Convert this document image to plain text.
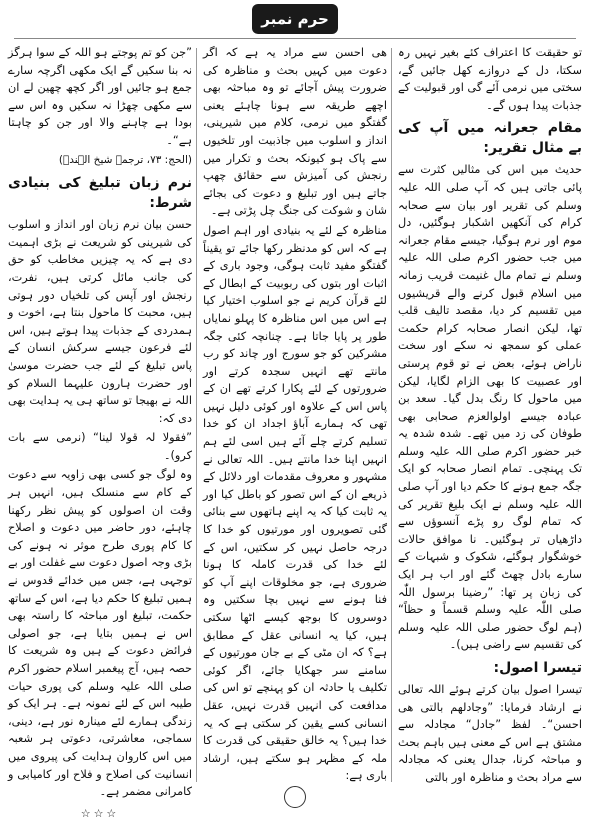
حرم نمبر

تو حقیقت کا اعتراف کئے بغیر نہیں رہ سکتا، دل کے دروازے کھل جائیں گے، سختی میں نرمی آئے گی اور قبولیت کے جذبات پیدا ہوں گے۔

مقام جعرانہ میں آپ کی بے مثال تقریر:

حدیث میں اس کی مثالیں کثرت سے پائی جاتی ہیں کہ آپ صلی اللہ علیہ وسلم کی تقریر اور بیان سے صحابہ کرام کی آنکھیں اشکبار ہوگئیں، دل موم اور نرم ہوگیا، جیسے مقام جعرانہ میں جب حضور اکرم صلی اللہ علیہ وسلم نے تمام مال غنیمت قریب زمانہ میں اسلام قبول کرنے والے قریشیوں میں تقسیم کر دیا، مقصد تالیف قلب تھا، لیکن انصار صحابہ کرام حکمت عملی کو سمجھ نہ سکے اور سخت ناراض ہوئے، بعض نے تو قوم پرستی اور عصبیت کا بھی الزام لگایا، لیکن میں ماحول کا رنگ بدل گیا۔ سعد بن عبادہ جیسے اولوالعزم صحابی بھی طوفان کی زد میں تھے۔ شدہ شدہ یہ خبر حضور اکرم صلی اللہ علیہ وسلم تک پہنچی۔ تمام انصار صحابہ کو ایک جگہ جمع ہونے کا حکم دیا اور آپ صلی اللہ علیہ وسلم نے ایک بلیغ تقریر کی کہ تمام لوگ رو پڑے آنسوؤں سے داڑھیاں تر ہوگئیں۔ نا موافق حالات خوشگوار ہوگئے، شکوک و شبہات کے سارے بادل چھٹ گئے اور اب ہر ایک کی زبان پر تھا: ”رضینا برسول اللّٰہ صلی اللّٰہ علیہ وسلم قسماً و حظاً“ (ہم لوگ حضور صلی اللہ علیہ وسلم کی تقسیم سے راضی ہیں)۔

تیسرا اصول:

تیسرا اصول بیان کرتے ہوئے اللہ تعالی نے ارشاد فرمایا: ”وجادلھم بالتی ھی احسن“۔ لفظ ”جادل“ مجادلہ سے مشتق ہے اس کے معنی ہیں باہم بحث و مباحثہ کرنا، جدال یعنی کہ مجادلہ سے مراد بحث و مناظرہ اور بالتی

ھی احسن سے مراد یہ ہے کہ اگر دعوت میں کہیں بحث و مناظرہ کی ضرورت پیش آجائے تو وہ مباحثہ بھی اچھے طریقہ سے ہونا چاہئے یعنی گفتگو میں نرمی، کلام میں شیرینی، انداز و اسلوب میں جاذبیت اور تلخیوں سے پاک ہو کیونکہ بحث و تکرار میں رنجش کی آمیزش سے حقائق چھپ جاتے ہیں اور تبلیغ و دعوت کی بجائے شان و شوکت کی جنگ چل پڑتی ہے۔

مناظرہ کے لئے یہ بنیادی اور اہم اصول ہے کہ اس کو مدنظر رکھا جائے تو یقیناً گفتگو مفید ثابت ہوگی، وجود باری کے اثبات اور بتوں کی ربوبیت کے ابطال کے لئے قرآن کریم نے جو اسلوب اختیار کیا ہے اس میں اس مناظرہ کا پہلو نمایاں طور پر پایا جاتا ہے۔ چنانچہ کئی جگہ مشرکین کو جو سورج اور چاند کو رب مانتے تھے انہیں سجدہ کرتے اور ضرورتوں کے لئے پکارا کرتے تھے ان کے پاس اس کے علاوہ اور کوئی دلیل نہیں تھی کہ ہمارے آباؤ اجداد ان کو خدا تسلیم کرتے چلے آئے ہیں اسی لئے ہم انہیں اپنا خدا مانتے ہیں۔ اللہ تعالی نے مشہور و معروف مقدمات اور دلائل کے ذریعے ان کے اس تصور کو باطل کیا اور یہ ثابت کیا کہ یہ اپنے ہاتھوں سے بنائی گئی تصویروں اور مورتیوں کو خدا کا درجہ حاصل نہیں کر سکتیں، اس کے لئے خدا کی قدرت کاملہ کا ہونا ضروری ہے، جو مخلوقات اپنے آپ کو فنا ہونے سے نہیں بچا سکتیں وہ دوسروں کا بوجھ کیسے اٹھا سکتی ہیں، کیا یہ انسانی عقل کے مطابق ہے؟ کہ ان مٹی کے بے جان مورتیوں کے سامنے سر جھکایا جائے، اگر کوئی تکلیف یا حادثہ ان کو پہنچے تو اس کی مدافعت کی انہیں قدرت نہیں، عقل انسانی کسے یقین کر سکتی ہے کہ یہ خدا ہیں؟ یہ خالق حقیقی کی قدرت کا ملہ کے مظہر ہو سکتے ہیں، ارشاد باری ہے:

”جن کو تم پوجتے ہو اللہ کے سوا ہرگز نہ بنا سکیں گے ایک مکھی اگرچہ سارے جمع ہو جائیں اور اگر کچھ چھین لے ان سے مکھی چھڑا نہ سکیں وہ اس سے بودا ہے چاہنے والا اور جن کو چاہتا ہے“۔

(الحج: ۷۳، ترجمہ شیخ الہندؒ)

نرم زبان تبلیغ کی بنیادی شرط:

حسن بیان نرم زبان اور انداز و اسلوب کی شیرینی کو شریعت نے بڑی اہمیت دی ہے کہ یہ چیزیں مخاطب کو حق کی جانب مائل کرتی ہیں، نفرت، رنجش اور آپس کی تلخیاں دور ہوتی ہیں، محبت کا ماحول بنتا ہے، اخوت و ہمدردی کے جذبات پیدا ہوتے ہیں، اس لئے فرعون جیسے سرکش انسان کے پاس تبلیغ کے لئے جب حضرت موسیٰ اور حضرت ہارون علیہما السلام کو اللہ نے بھیجا تو ساتھ ہی یہ ہدایت بھی دی کہ:

”فقولا لہ قولا لینا“ (نرمی سے بات کرو)۔

وہ لوگ جو کسی بھی زاویہ سے دعوت کے کام سے منسلک ہیں، انہیں ہر وقت ان اصولوں کو پیش نظر رکھنا چاہئے، دور حاضر میں دعوت و اصلاح کا کام پوری طرح موثر نہ ہونے کی بڑی وجہ اصول دعوت سے غفلت اور بے توجہی ہے، جس میں خدائے قدوس نے ہمیں تبلیغ کا حکم دیا ہے، اس کے ساتھ حکمت، تبلیغ اور مباحثہ کا راستہ بھی اس نے ہمیں بتایا ہے، جو اصولی فرائض دعوت کے ہیں وہ شریعت کا حصہ ہیں، آج پیغمبر اسلام حضور اکرم صلی اللہ علیہ وسلم کی پوری حیات طیبہ اس کے لئے نمونہ ہے۔ ہر ایک کو زندگی ہمارے لئے مینارہ نور ہے، دینی، سماجی، معاشرتی، دعوتی ہر شعبہ میں اس کاروان ہدایت کی پیروی میں انسانیت کی اصلاح و فلاح اور کامیابی و کامرانی مضمر ہے۔

☆☆☆
